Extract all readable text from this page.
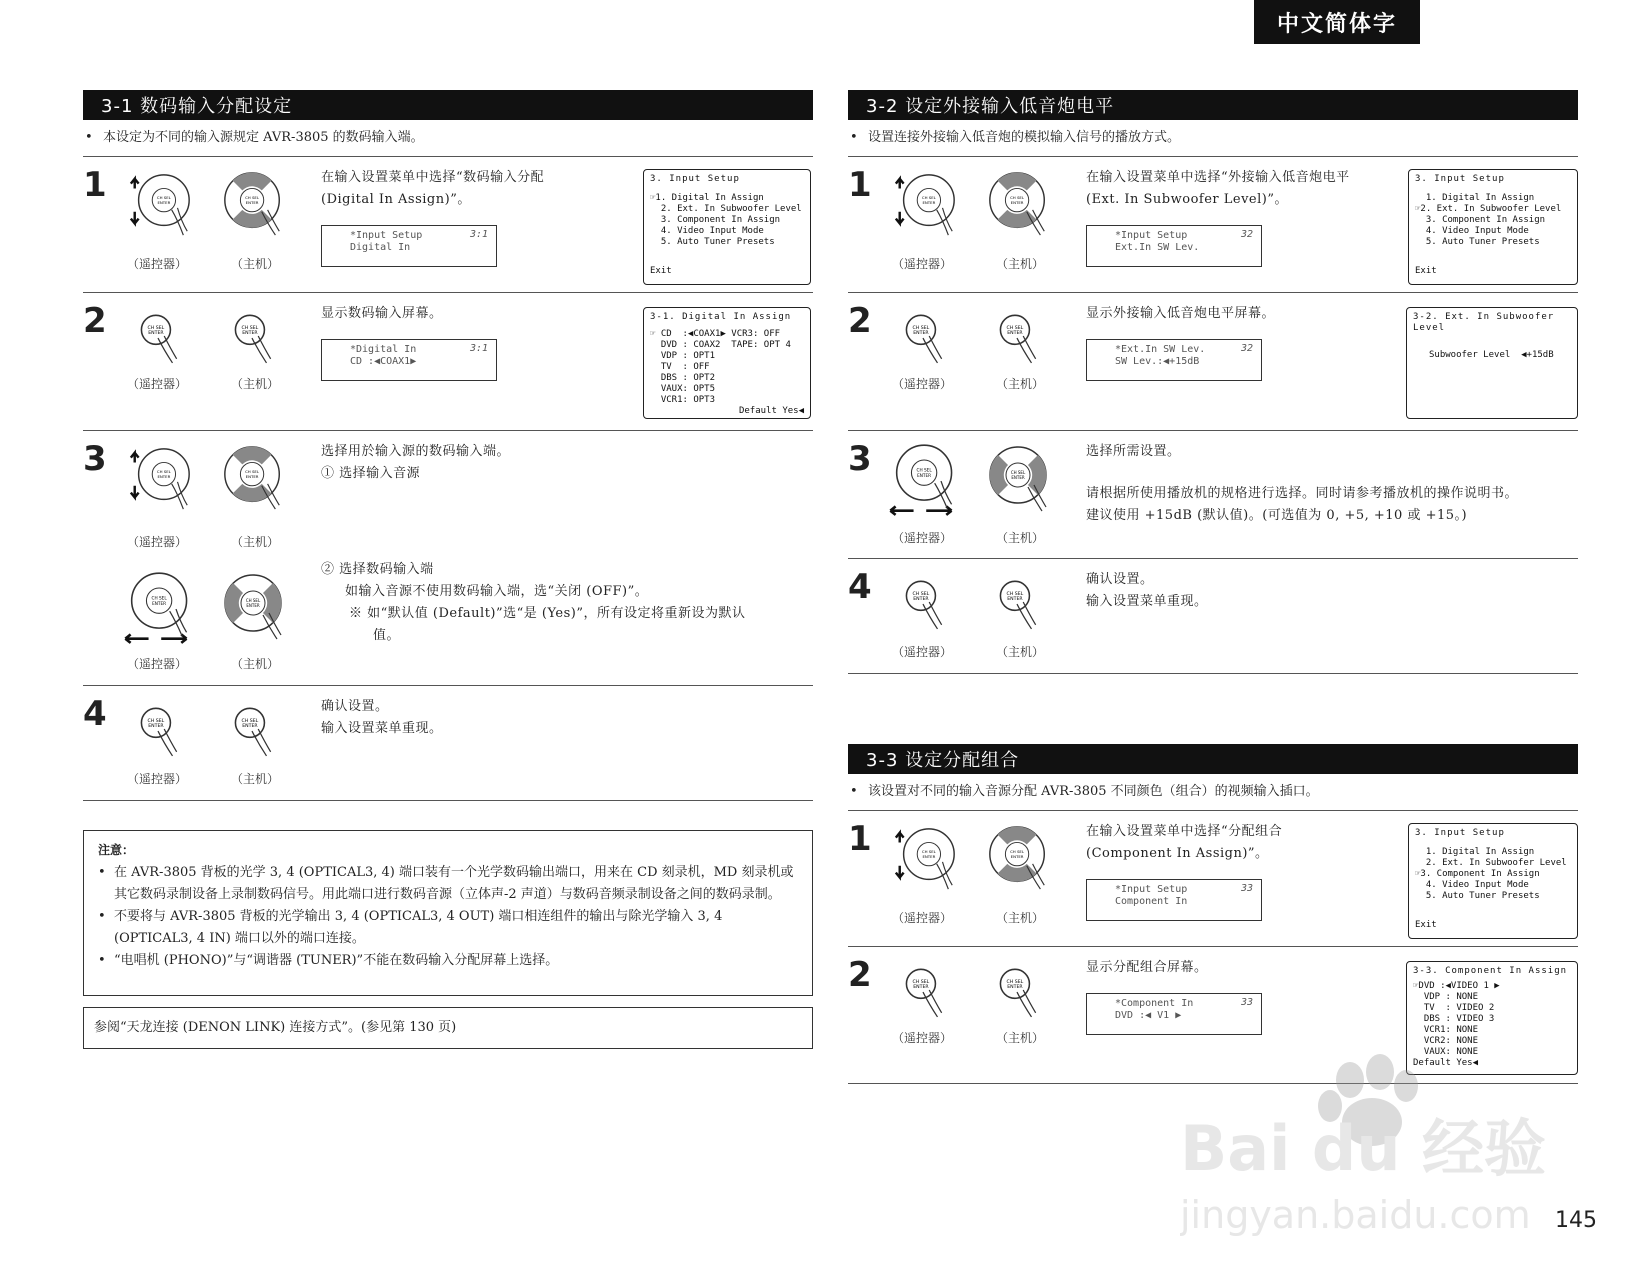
中文简体字
3-1 数码输入分配设定
• 本设定为不同的输入源规定 AVR-3805 的数码输入端。
1
（遥控器）	（主机）
在输入设置菜单中选择“数码输入分配
(Digital In Assign)”。
3:1
*Input Setup
Digital In
3. Input Setup
☞1. Digital In Assign
2. Ext. In Subwoofer Level
3. Component In Assign
4. Video Input Mode
5. Auto Tuner Presets
Exit
2
（遥控器）	（主机）
显示数码输入屏幕。
3:1
*Digital In
CD :◀COAX1▶
3-1. Digital In Assign
☞ CD  :◀COAX1▶ VCR3: OFF
DVD : COAX2  TAPE: OPT 4
VDP : OPT1
TV  : OFF
DBS : OPT2
VAUX: OPT5
VCR1: OPT3
Default Yes◀
3
（遥控器）	（主机）
（遥控器）	（主机）
选择用於输入源的数码输入端。
① 选择输入音源
② 选择数码输入端
如输入音源不使用数码输入端，选“关闭 (OFF)”。
※ 如“默认值 (Default)”选“是 (Yes)”，所有设定将重新设为默认
值。
4
（遥控器）	（主机）
确认设置。
输入设置菜单重现。
注意：
• 在 AVR-3805 背板的光学 3, 4 (OPTICAL3, 4) 端口装有一个光学数码输出端口，用来在 CD 刻录机，MD 刻录机或其它数码录制设备上录制数码信号。用此端口进行数码音源（立体声-2 声道）与数码音频录制设备之间的数码录制。
• 不要将与 AVR-3805 背板的光学输出 3, 4 (OPTICAL3, 4 OUT) 端口相连组件的输出与除光学输入 3, 4 (OPTICAL3, 4 IN) 端口以外的端口连接。
• “电唱机 (PHONO)”与“调谐器 (TUNER)”不能在数码输入分配屏幕上选择。
参阅“天龙连接 (DENON LINK) 连接方式”。(参见第 130 页)
3-2 设定外接输入低音炮电平
• 设置连接外接输入低音炮的模拟输入信号的播放方式。
1
（遥控器）	（主机）
在输入设置菜单中选择“外接输入低音炮电平
(Ext. In Subwoofer Level)”。
32
*Input Setup
Ext.In SW Lev.
3. Input Setup
1. Digital In Assign
☞2. Ext. In Subwoofer Level
3. Component In Assign
4. Video Input Mode
5. Auto Tuner Presets
Exit
2
（遥控器）	（主机）
显示外接输入低音炮电平屏幕。
32
*Ext.In SW Lev.
SW Lev.:◀+15dB
3-2. Ext. In Subwoofer Level
Subwoofer Level  ◀+15dB
3
（遥控器）	（主机）
选择所需设置。
请根据所使用播放机的规格进行选择。同时请参考播放机的操作说明书。
建议使用 +15dB (默认值)。(可选值为 0, +5, +10 或 +15。)
4
（遥控器）	（主机）
确认设置。
输入设置菜单重现。
3-3 设定分配组合
• 该设置对不同的输入音源分配 AVR-3805 不同颜色（组合）的视频输入插口。
1
（遥控器）	（主机）
在输入设置菜单中选择“分配组合
(Component In Assign)”。
33
*Input Setup
Component In
3. Input Setup
1. Digital In Assign
2. Ext. In Subwoofer Level
☞3. Component In Assign
4. Video Input Mode
5. Auto Tuner Presets
Exit
2
（遥控器）	（主机）
显示分配组合屏幕。
33
*Component In
DVD :◀ V1 ▶
3-3. Component In Assign
☞DVD :◀VIDEO 1 ▶
VDP : NONE
TV  : VIDEO 2
DBS : VIDEO 3
VCR1: NONE
VCR2: NONE
VAUX: NONE
Default Yes◀
Bai du 经验
jingyan.baidu.com 145
